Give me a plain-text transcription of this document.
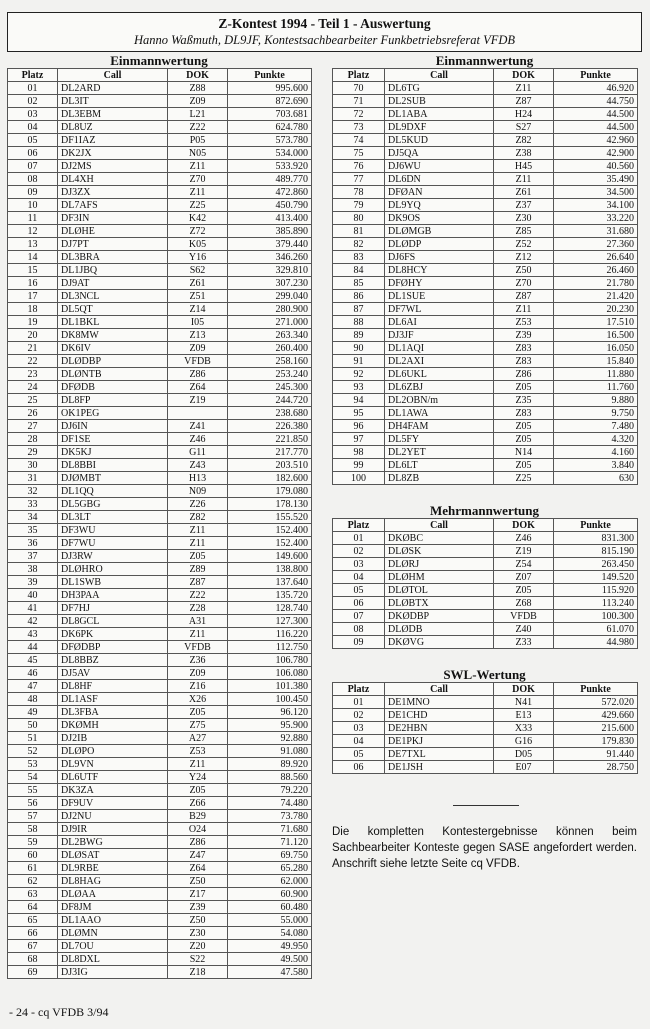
Z-Kontest 1994 - Teil 1 - Auswertung
Hanno Waßmuth, DL9JF, Kontestsachbearbeiter Funkbetriebsreferat VFDB
Einmannwertung
Platz	Call	DOK	Punkte
01	DL2ARD	Z88	995.600
02	DL3IT	Z09	872.690
03	DL3EBM	L21	703.681
04	DL8UZ	Z22	624.780
05	DF1IAZ	P05	573.780
06	DK2JX	N05	534.000
07	DJ2MS	Z11	533.920
08	DL4XH	Z70	489.770
09	DJ3ZX	Z11	472.860
10	DL7AFS	Z25	450.790
11	DF3IN	K42	413.400
12	DLØHE	Z72	385.890
13	DJ7PT	K05	379.440
14	DL3BRA	Y16	346.260
15	DL1JBQ	S62	329.810
16	DJ9AT	Z61	307.230
17	DL3NCL	Z51	299.040
18	DL5QT	Z14	280.900
19	DL1BKL	I05	271.000
20	DK8MW	Z13	263.340
21	DK6IV	Z09	260.400
22	DLØDBP	VFDB	258.160
23	DLØNTB	Z86	253.240
24	DFØDB	Z64	245.300
25	DL8FP	Z19	244.720
26	OK1PEG		238.680
27	DJ6IN	Z41	226.380
28	DF1SE	Z46	221.850
29	DK5KJ	G11	217.770
30	DL8BBI	Z43	203.510
31	DJØMBT	H13	182.600
32	DL1QQ	N09	179.080
33	DL5GBG	Z26	178.130
34	DL3LT	Z82	155.520
35	DF3WU	Z11	152.400
36	DF7WU	Z11	152.400
37	DJ3RW	Z05	149.600
38	DLØHRO	Z89	138.800
39	DL1SWB	Z87	137.640
40	DH3PAA	Z22	135.720
41	DF7HJ	Z28	128.740
42	DL8GCL	A31	127.300
43	DK6PK	Z11	116.220
44	DFØDBP	VFDB	112.750
45	DL8BBZ	Z36	106.780
46	DJ5AV	Z09	106.080
47	DL8HF	Z16	101.380
48	DL1ASF	X26	100.450
49	DL3FBA	Z05	96.120
50	DKØMH	Z75	95.900
51	DJ2IB	A27	92.880
52	DLØPO	Z53	91.080
53	DL9VN	Z11	89.920
54	DL6UTF	Y24	88.560
55	DK3ZA	Z05	79.220
56	DF9UV	Z66	74.480
57	DJ2NU	B29	73.780
58	DJ9IR	O24	71.680
59	DL2BWG	Z86	71.120
60	DLØSAT	Z47	69.750
61	DL9RBE	Z64	65.280
62	DL8HAG	Z50	62.000
63	DLØAA	Z17	60.900
64	DF8JM	Z39	60.480
65	DL1AAO	Z50	55.000
66	DLØMN	Z30	54.080
67	DL7OU	Z20	49.950
68	DL8DXL	S22	49.500
69	DJ3IG	Z18	47.580
Einmannwertung
Platz	Call	DOK	Punkte
70	DL6TG	Z11	46.920
71	DL2SUB	Z87	44.750
72	DL1ABA	H24	44.500
73	DL9DXF	S27	44.500
74	DL5KUD	Z82	42.960
75	DJ5QA	Z38	42.900
76	DJ6WU	H45	40.560
77	DL6DN	Z11	35.490
78	DFØAN	Z61	34.500
79	DL9YQ	Z37	34.100
80	DK9OS	Z30	33.220
81	DLØMGB	Z85	31.680
82	DLØDP	Z52	27.360
83	DJ6FS	Z12	26.640
84	DL8HCY	Z50	26.460
85	DFØHY	Z70	21.780
86	DL1SUE	Z87	21.420
87	DF7WL	Z11	20.230
88	DL6AI	Z53	17.510
89	DJ3JF	Z39	16.500
90	DL1AQI	Z83	16.050
91	DL2AXI	Z83	15.840
92	DL6UKL	Z86	11.880
93	DL6ZBJ	Z05	11.760
94	DL2OBN/m	Z35	9.880
95	DL1AWA	Z83	9.750
96	DH4FAM	Z05	7.480
97	DL5FY	Z05	4.320
98	DL2YET	N14	4.160
99	DL6LT	Z05	3.840
100	DL8ZB	Z25	630
Mehrmannwertung
Platz	Call	DOK	Punkte
01	DKØBC	Z46	831.300
02	DLØSK	Z19	815.190
03	DLØRJ	Z54	263.450
04	DLØHM	Z07	149.520
05	DLØTOL	Z05	115.920
06	DLØBTX	Z68	113.240
07	DKØDBP	VFDB	100.300
08	DLØDB	Z40	61.070
09	DKØVG	Z33	44.980
SWL-Wertung
Platz	Call	DOK	Punkte
01	DE1MNO	N41	572.020
02	DE1CHD	E13	429.660
03	DE2HBN	X33	215.600
04	DE1PKJ	G16	179.830
05	DE7TXL	D05	91.440
06	DE1JSH	E07	28.750
Die kompletten Kontestergebnisse können beim Sachbearbeiter Konteste gegen SASE angefordert werden. Anschrift siehe letzte Seite cq VFDB.
- 24 - cq VFDB 3/94
